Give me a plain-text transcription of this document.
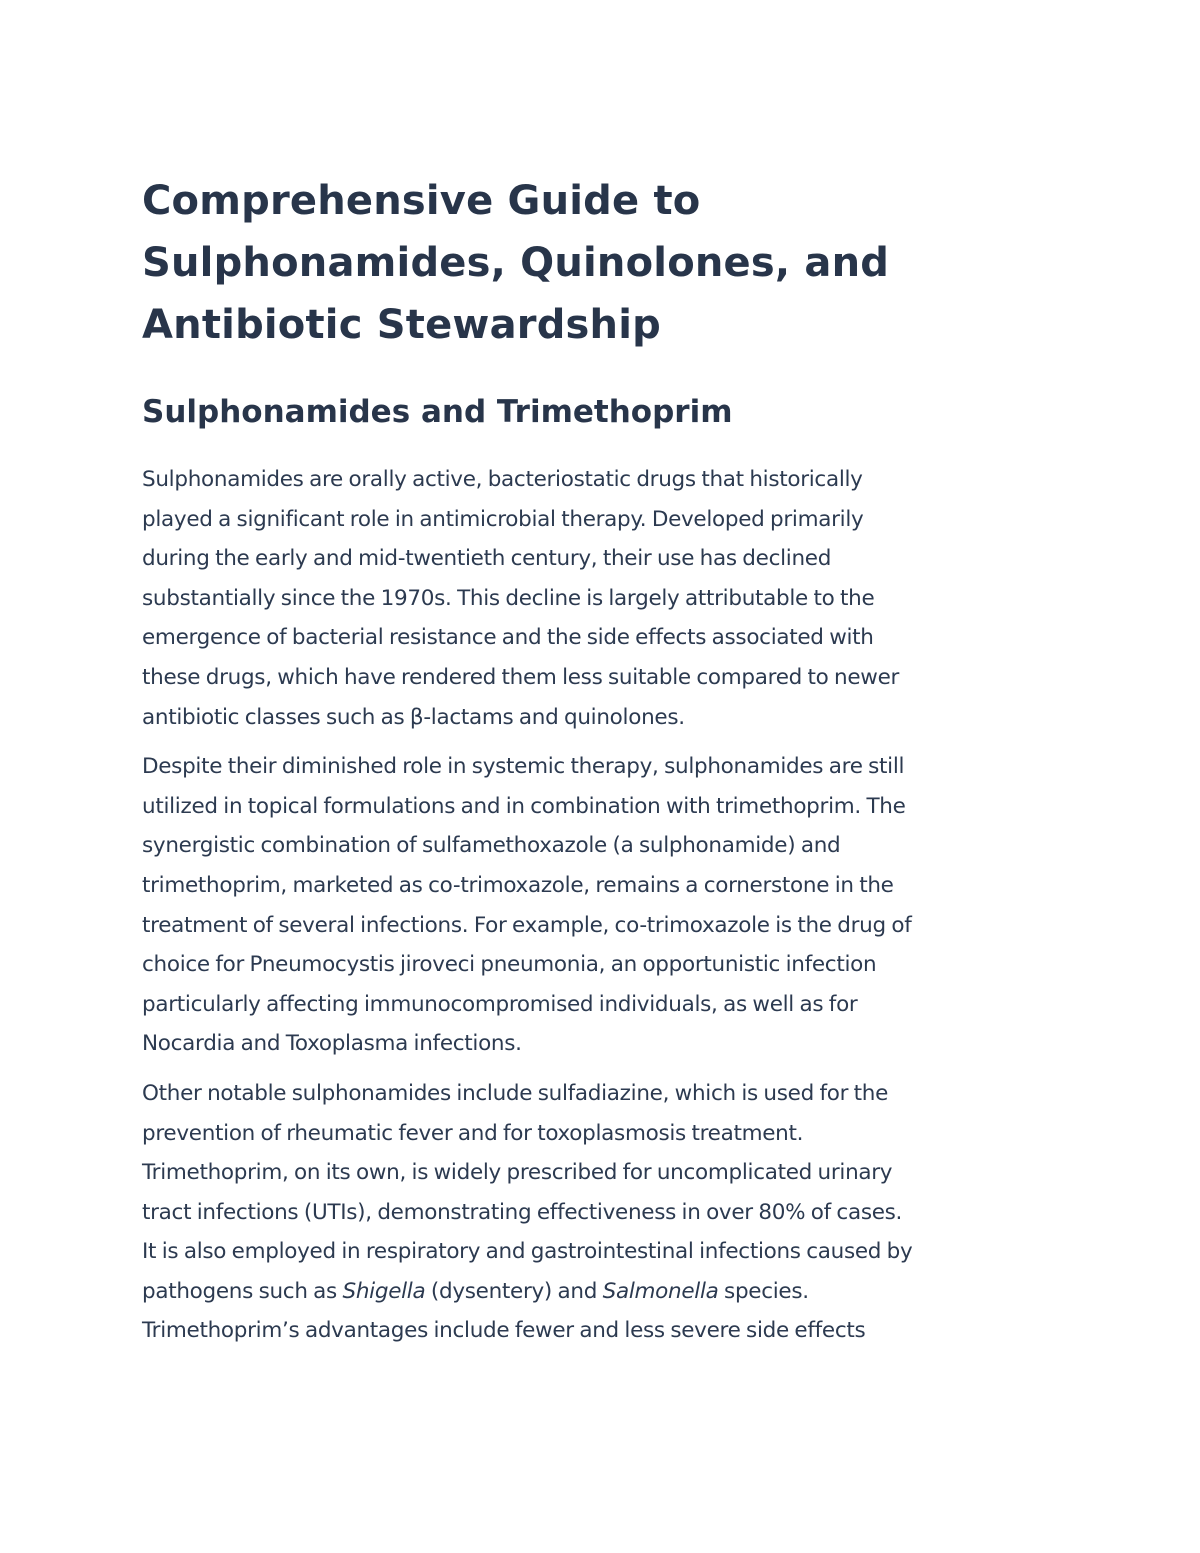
Comprehensive Guide to
Sulphonamides, Quinolones, and
Antibiotic Stewardship
Sulphonamides and Trimethoprim

Sulphonamides are orally active, bacteriostatic drugs that historically
played a significant role in antimicrobial therapy. Developed primarily
during the early and mid-twentieth century, their use has declined
substantially since the 1970s. This decline is largely attributable to the
emergence of bacterial resistance and the side effects associated with
these drugs, which have rendered them less suitable compared to newer
antibiotic classes such as β-lactams and quinolones.

Despite their diminished role in systemic therapy, sulphonamides are still
utilized in topical formulations and in combination with trimethoprim. The
synergistic combination of sulfamethoxazole (a sulphonamide) and
trimethoprim, marketed as co-trimoxazole, remains a cornerstone in the
treatment of several infections. For example, co-trimoxazole is the drug of
choice for Pneumocystis jiroveci pneumonia, an opportunistic infection
particularly affecting immunocompromised individuals, as well as for
Nocardia and Toxoplasma infections.

Other notable sulphonamides include sulfadiazine, which is used for the
prevention of rheumatic fever and for toxoplasmosis treatment.
Trimethoprim, on its own, is widely prescribed for uncomplicated urinary
tract infections (UTIs), demonstrating effectiveness in over 80% of cases.
It is also employed in respiratory and gastrointestinal infections caused by
pathogens such as Shigella (dysentery) and Salmonella species.
Trimethoprim’s advantages include fewer and less severe side effects
